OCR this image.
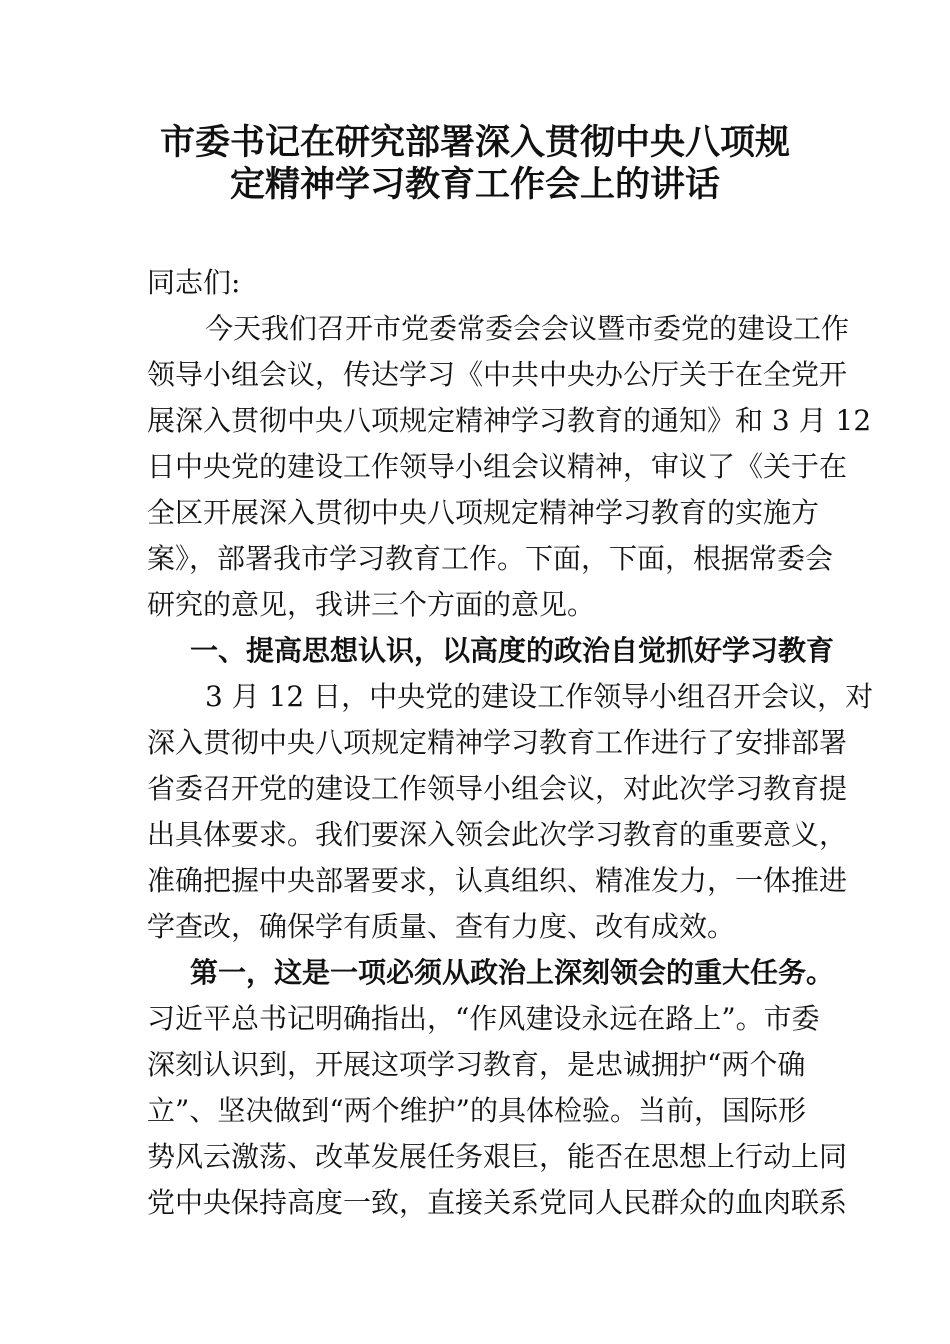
市委书记在研究部署深入贯彻中央八项规
定精神学习教育工作会上的讲话
同志们:
今天我们召开市党委常委会会议暨市委党的建设工作
领导小组会议，传达学习《中共中央办公厅关于在全党开
展深入贯彻中央八项规定精神学习教育的通知》和 3 月 12
日中央党的建设工作领导小组会议精神，审议了《关于在
全区开展深入贯彻中央八项规定精神学习教育的实施方
案》，部署我市学习教育工作。下面，下面，根据常委会
研究的意见，我讲三个方面的意见。
一、提高思想认识，以高度的政治自觉抓好学习教育
3 月 12 日，中央党的建设工作领导小组召开会议，对
深入贯彻中央八项规定精神学习教育工作进行了安排部署
省委召开党的建设工作领导小组会议，对此次学习教育提
出具体要求。我们要深入领会此次学习教育的重要意义，
准确把握中央部署要求，认真组织、精准发力，一体推进
学查改，确保学有质量、查有力度、改有成效。
第一，这是一项必须从政治上深刻领会的重大任务。
习近平总书记明确指出，“作风建设永远在路上”。市委
深刻认识到，开展这项学习教育，是忠诚拥护“两个确
立”、坚决做到“两个维护”的具体检验。当前，国际形
势风云激荡、改革发展任务艰巨，能否在思想上行动上同
党中央保持高度一致，直接关系党同人民群众的血肉联系
